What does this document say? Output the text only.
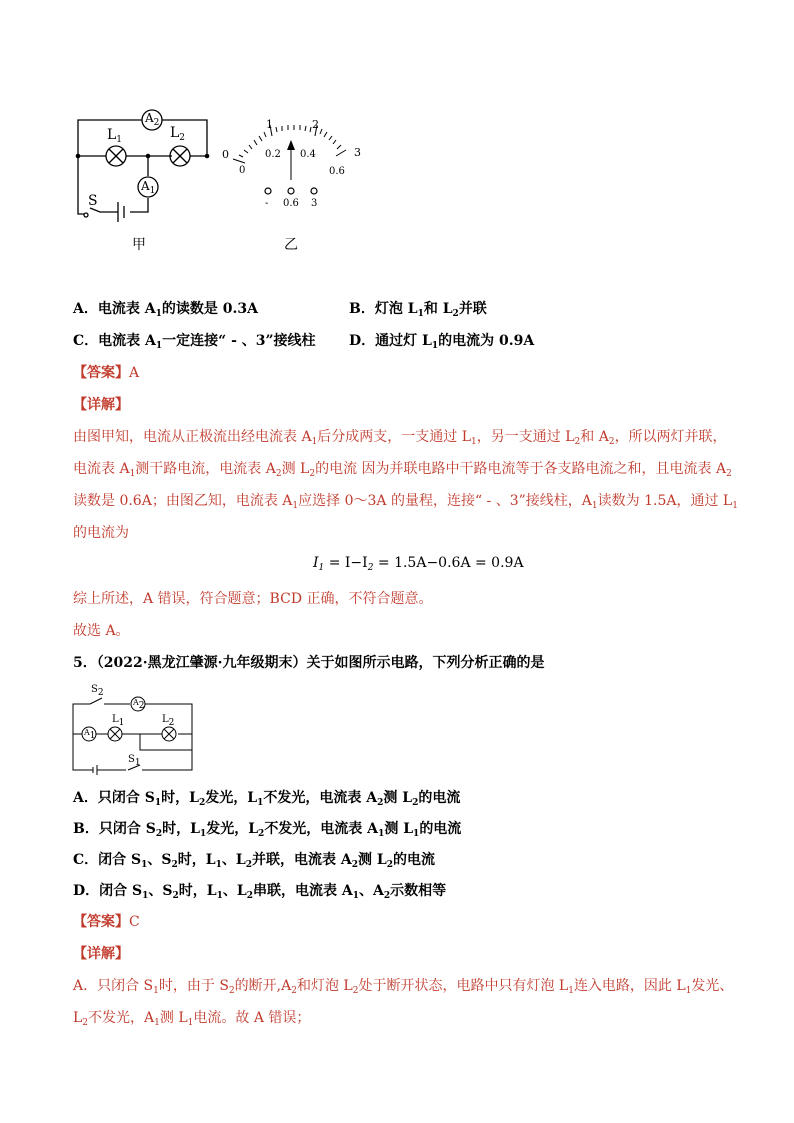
$A_2$
$A_1$
$L_1$	$L_2$
S
甲
1	2
3
0
0
0.2 0.4
0.6
- 0.6 3
乙
A．电流表 $A_1$的读数是 0.3A	B．灯泡 $L_1$和 $L_2$并联
C．电流表 $A_1$一定连接“ - 、3”接线柱 D．通过灯 $L_1$的电流为 0.9A
【答案】A
【详解】
由图甲知，电流从正极流出经电流表 $A_1$后分成两支，一支通过 $L_1$，另一支通过 $L_2$和 $A_2$，所以两灯并联，
电流表 $A_1$测干路电流，电流表 $A_2$测 $L_2$的电流 因为并联电路中干路电流等于各支路电流之和，且电流表 $A_2$
读数是 0.6A；由图乙知，电流表 $A_1$应选择 0～3A 的量程，连接“ - 、3”接线柱，$A_1$读数为 1.5A，通过 $L_1$
的电流为
$I_1 = I-I_2 = 1.5A-0.6A = 0.9A$
综上所述，A 错误，符合题意；BCD 正确，不符合题意。
故选 A。
5．（2022·黑龙江肇源·九年级期末）关于如图所示电路，下列分析正确的是
$S_2$
$A_2$
$A_1$
$L_1$	$L_2$
$S_1$
A．只闭合 $S_1$时，$L_2$发光，$L_1$不发光，电流表 $A_2$测 $L_2$的电流
B．只闭合 $S_2$时，$L_1$发光，$L_2$不发光，电流表 $A_1$测 $L_1$的电流
C．闭合 $S_1$、$S_2$时，$L_1$、$L_2$并联，电流表 $A_2$测 $L_2$的电流
D．闭合 $S_1$、$S_2$时，$L_1$、$L_2$串联，电流表 $A_1$、$A_2$示数相等
【答案】C
【详解】
A．只闭合 $S_1$时，由于 $S_2$的断开$,A_2$和灯泡 $L_2$处于断开状态，电路中只有灯泡 $L_1$连入电路，因此 $L_1$发光、
$L_2$不发光，$A_1$测 $L_1$电流。故 A 错误；
